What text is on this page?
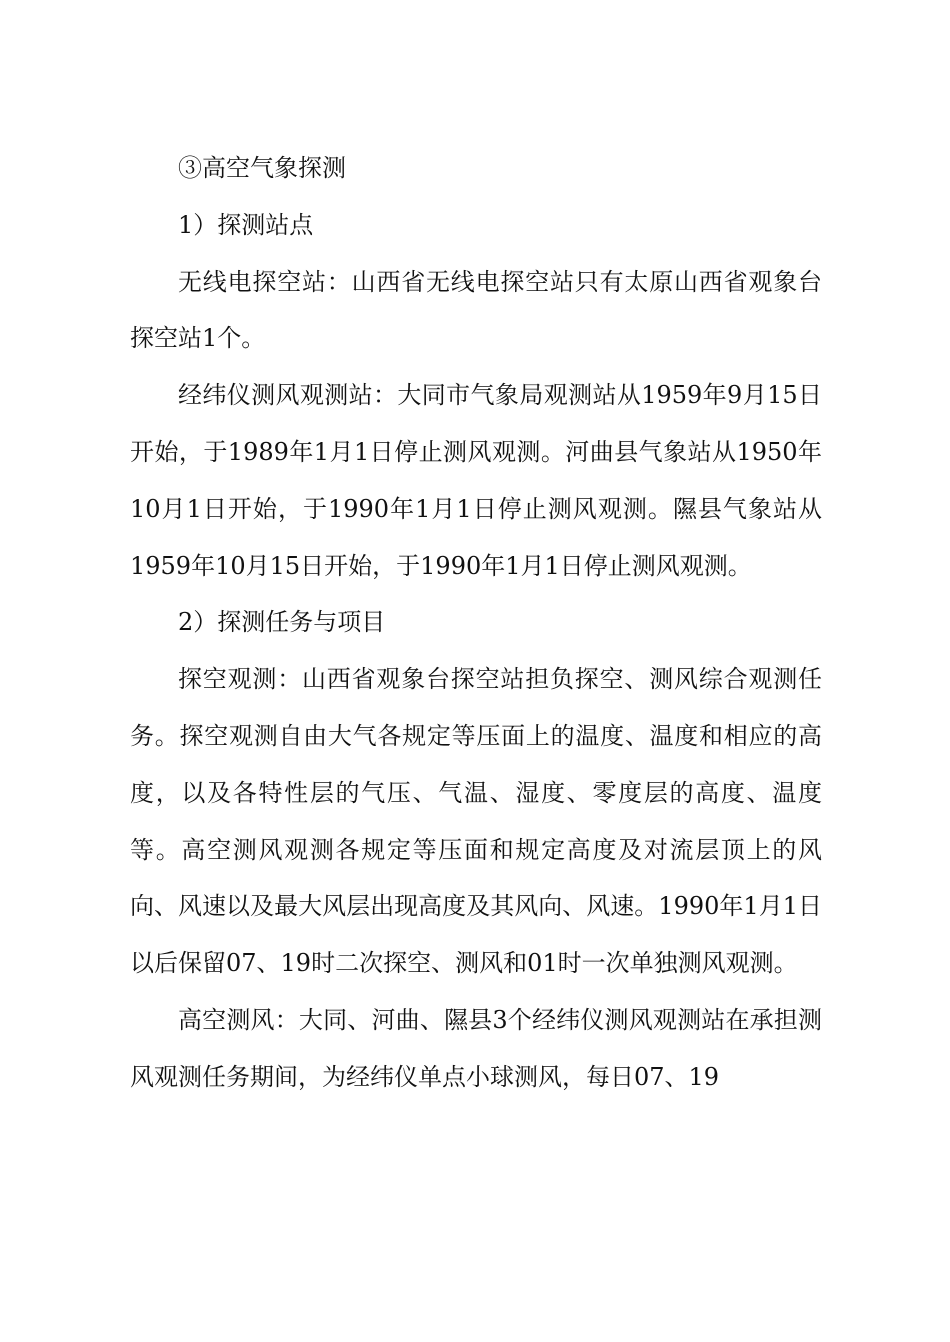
③高空气象探测

1）探测站点

无线电探空站：山西省无线电探空站只有太原山西省观象台探空站1个。

经纬仪测风观测站：大同市气象局观测站从1959年9月15日开始，于1989年1月1日停止测风观测。河曲县气象站从1950年10月1日开始，于1990年1月1日停止测风观测。隰县气象站从1959年10月15日开始，于1990年1月1日停止测风观测。

2）探测任务与项目

探空观测：山西省观象台探空站担负探空、测风综合观测任务。探空观测自由大气各规定等压面上的温度、温度和相应的高度，以及各特性层的气压、气温、湿度、零度层的高度、温度等。高空测风观测各规定等压面和规定高度及对流层顶上的风向、风速以及最大风层出现高度及其风向、风速。1990年1月1日以后保留07、19时二次探空、测风和01时一次单独测风观测。

高空测风：大同、河曲、隰县3个经纬仪测风观测站在承担测风观测任务期间，为经纬仪单点小球测风，每日07、19
